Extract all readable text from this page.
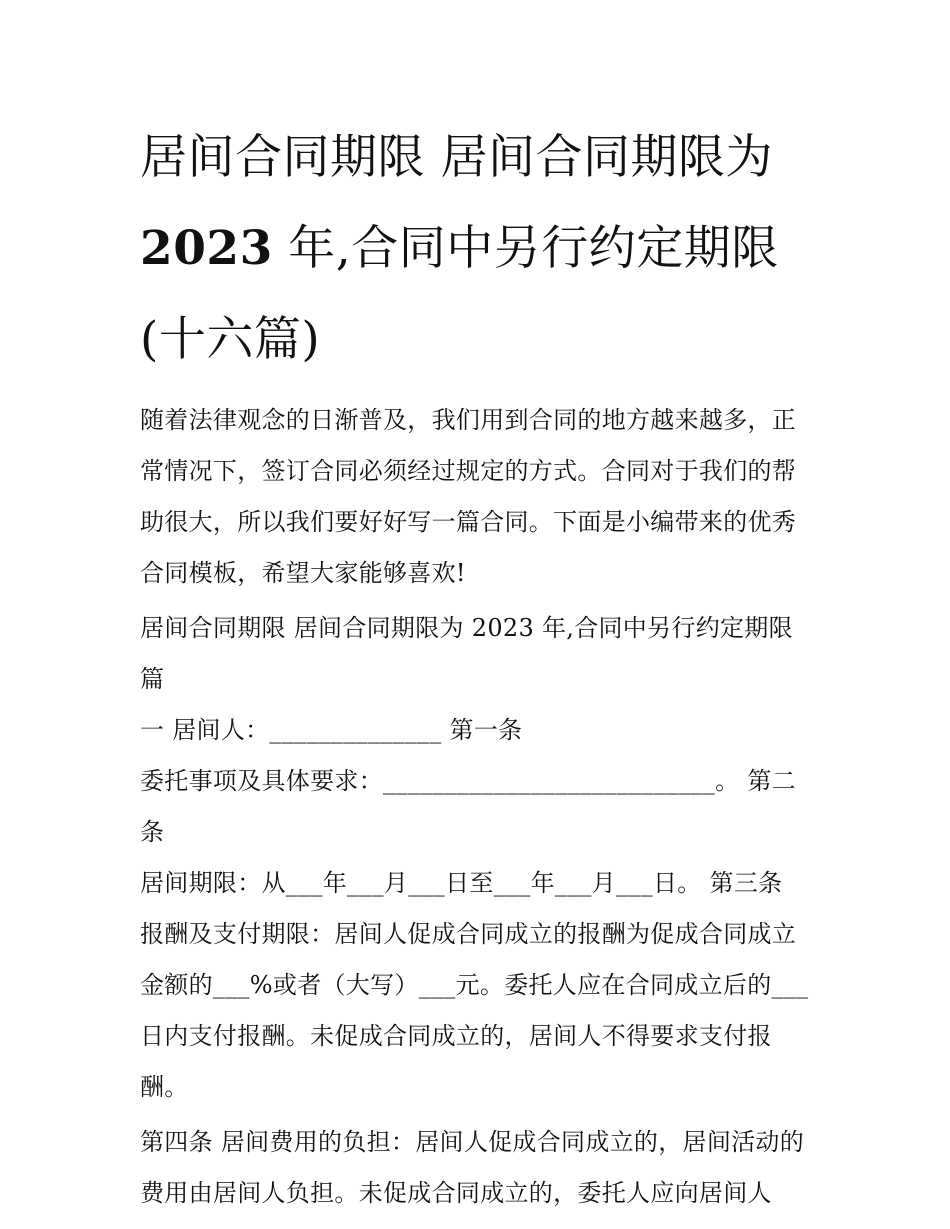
居间合同期限 居间合同期限为
2023 年,合同中另行约定期限
(十六篇)

随着法律观念的日渐普及，我们用到合同的地方越来越多，正常情况下，签订合同必须经过规定的方式。合同对于我们的帮助很大，所以我们要好好写一篇合同。下面是小编带来的优秀合同模板，希望大家能够喜欢!

居间合同期限 居间合同期限为 2023 年,合同中另行约定期限篇
一 居间人：______________ 第一条

委托事项及具体要求：___________________________。 第二条

居间期限：从___年___月___日至___年___月___日。 第三条

报酬及支付期限：居间人促成合同成立的报酬为促成合同成立金额的___%或者（大写）___元。委托人应在合同成立后的___日内支付报酬。未促成合同成立的，居间人不得要求支付报酬。

第四条 居间费用的负担：居间人促成合同成立的，居间活动的费用由居间人负担。未促成合同成立的，委托人应向居间人
